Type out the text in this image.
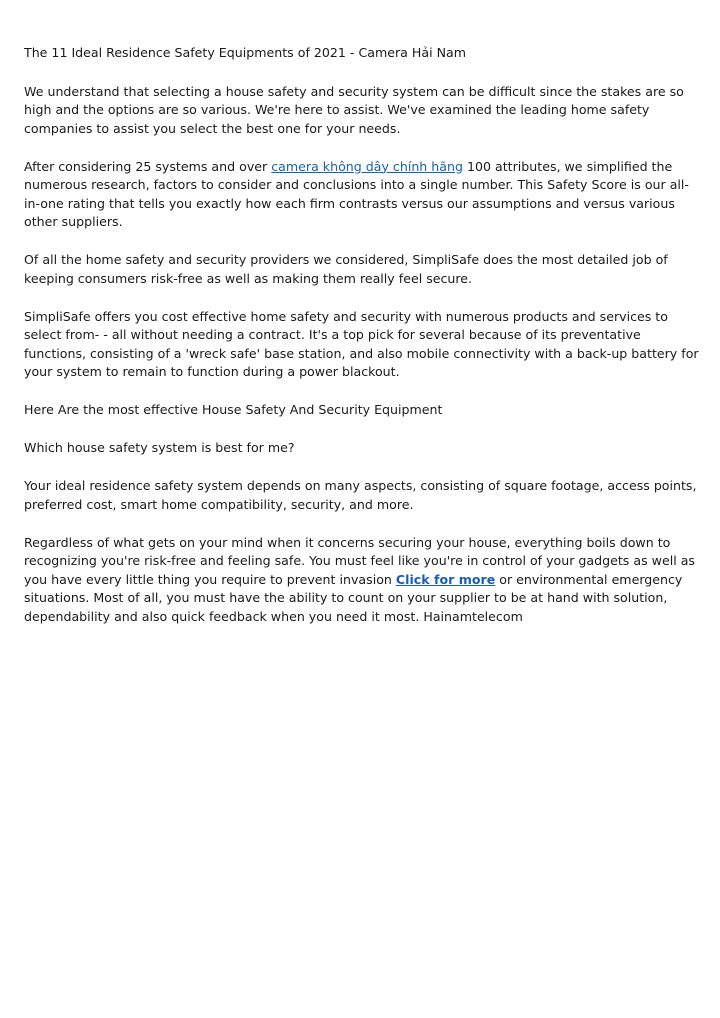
The 11 Ideal Residence Safety Equipments of 2021 - Camera Hải Nam

We understand that selecting a house safety and security system can be difficult since the stakes are so high and the options are so various. We're here to assist. We've examined the leading home safety companies to assist you select the best one for your needs.

After considering 25 systems and over camera không dây chính hãng 100 attributes, we simplified the numerous research, factors to consider and conclusions into a single number. This Safety Score is our all-in-one rating that tells you exactly how each firm contrasts versus our assumptions and versus various other suppliers.

Of all the home safety and security providers we considered, SimpliSafe does the most detailed job of keeping consumers risk-free as well as making them really feel secure.

SimpliSafe offers you cost effective home safety and security with numerous products and services to select from- - all without needing a contract. It's a top pick for several because of its preventative functions, consisting of a 'wreck safe' base station, and also mobile connectivity with a back-up battery for your system to remain to function during a power blackout.

Here Are the most effective House Safety And Security Equipment

Which house safety system is best for me?

Your ideal residence safety system depends on many aspects, consisting of square footage, access points, preferred cost, smart home compatibility, security, and more.

Regardless of what gets on your mind when it concerns securing your house, everything boils down to recognizing you're risk-free and feeling safe. You must feel like you're in control of your gadgets as well as you have every little thing you require to prevent invasion Click for more or environmental emergency situations. Most of all, you must have the ability to count on your supplier to be at hand with solution, dependability and also quick feedback when you need it most. Hainamtelecom
